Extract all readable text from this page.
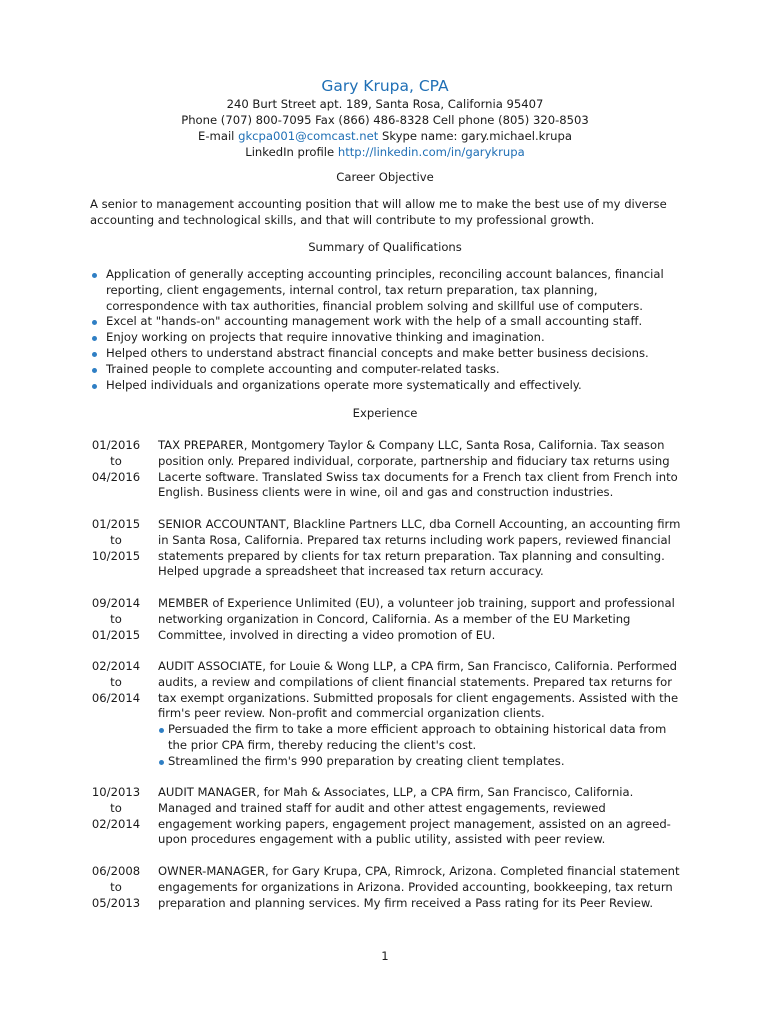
Gary Krupa, CPA
240 Burt Street apt. 189, Santa Rosa, California 95407
Phone (707) 800-7095 Fax (866) 486-8328 Cell phone (805) 320-8503
E-mail gkcpa001@comcast.net Skype name: gary.michael.krupa
LinkedIn profile http://linkedin.com/in/garykrupa
Career Objective
A senior to management accounting position that will allow me to make the best use of my diverse accounting and technological skills, and that will contribute to my professional growth.
Summary of Qualifications
Application of generally accepting accounting principles, reconciling account balances, financial reporting, client engagements, internal control, tax return preparation, tax planning, correspondence with tax authorities, financial problem solving and skillful use of computers.
Excel at "hands-on" accounting management work with the help of a small accounting staff.
Enjoy working on projects that require innovative thinking and imagination.
Helped others to understand abstract financial concepts and make better business decisions.
Trained people to complete accounting and computer-related tasks.
Helped individuals and organizations operate more systematically and effectively.
Experience
01/2016
to
04/2016
TAX PREPARER, Montgomery Taylor & Company LLC, Santa Rosa, California. Tax season position only. Prepared individual, corporate, partnership and fiduciary tax returns using Lacerte software. Translated Swiss tax documents for a French tax client from French into English. Business clients were in wine, oil and gas and construction industries.
01/2015
to
10/2015
SENIOR ACCOUNTANT, Blackline Partners LLC, dba Cornell Accounting, an accounting firm in Santa Rosa, California. Prepared tax returns including work papers, reviewed financial statements prepared by clients for tax return preparation. Tax planning and consulting. Helped upgrade a spreadsheet that increased tax return accuracy.
09/2014
to
01/2015
MEMBER of Experience Unlimited (EU), a volunteer job training, support and professional networking organization in Concord, California. As a member of the EU Marketing Committee, involved in directing a video promotion of EU.
02/2014
to
06/2014
AUDIT ASSOCIATE, for Louie & Wong LLP, a CPA firm, San Francisco, California. Performed audits, a review and compilations of client financial statements. Prepared tax returns for tax exempt organizations. Submitted proposals for client engagements. Assisted with the firm's peer review. Non-profit and commercial organization clients.
Persuaded the firm to take a more efficient approach to obtaining historical data from the prior CPA firm, thereby reducing the client's cost.
Streamlined the firm's 990 preparation by creating client templates.
10/2013
to
02/2014
AUDIT MANAGER, for Mah & Associates, LLP, a CPA firm, San Francisco, California. Managed and trained staff for audit and other attest engagements, reviewed engagement working papers, engagement project management, assisted on an agreed-upon procedures engagement with a public utility, assisted with peer review.
06/2008
to
05/2013
OWNER-MANAGER, for Gary Krupa, CPA, Rimrock, Arizona. Completed financial statement engagements for organizations in Arizona. Provided accounting, bookkeeping, tax return preparation and planning services. My firm received a Pass rating for its Peer Review.
1
